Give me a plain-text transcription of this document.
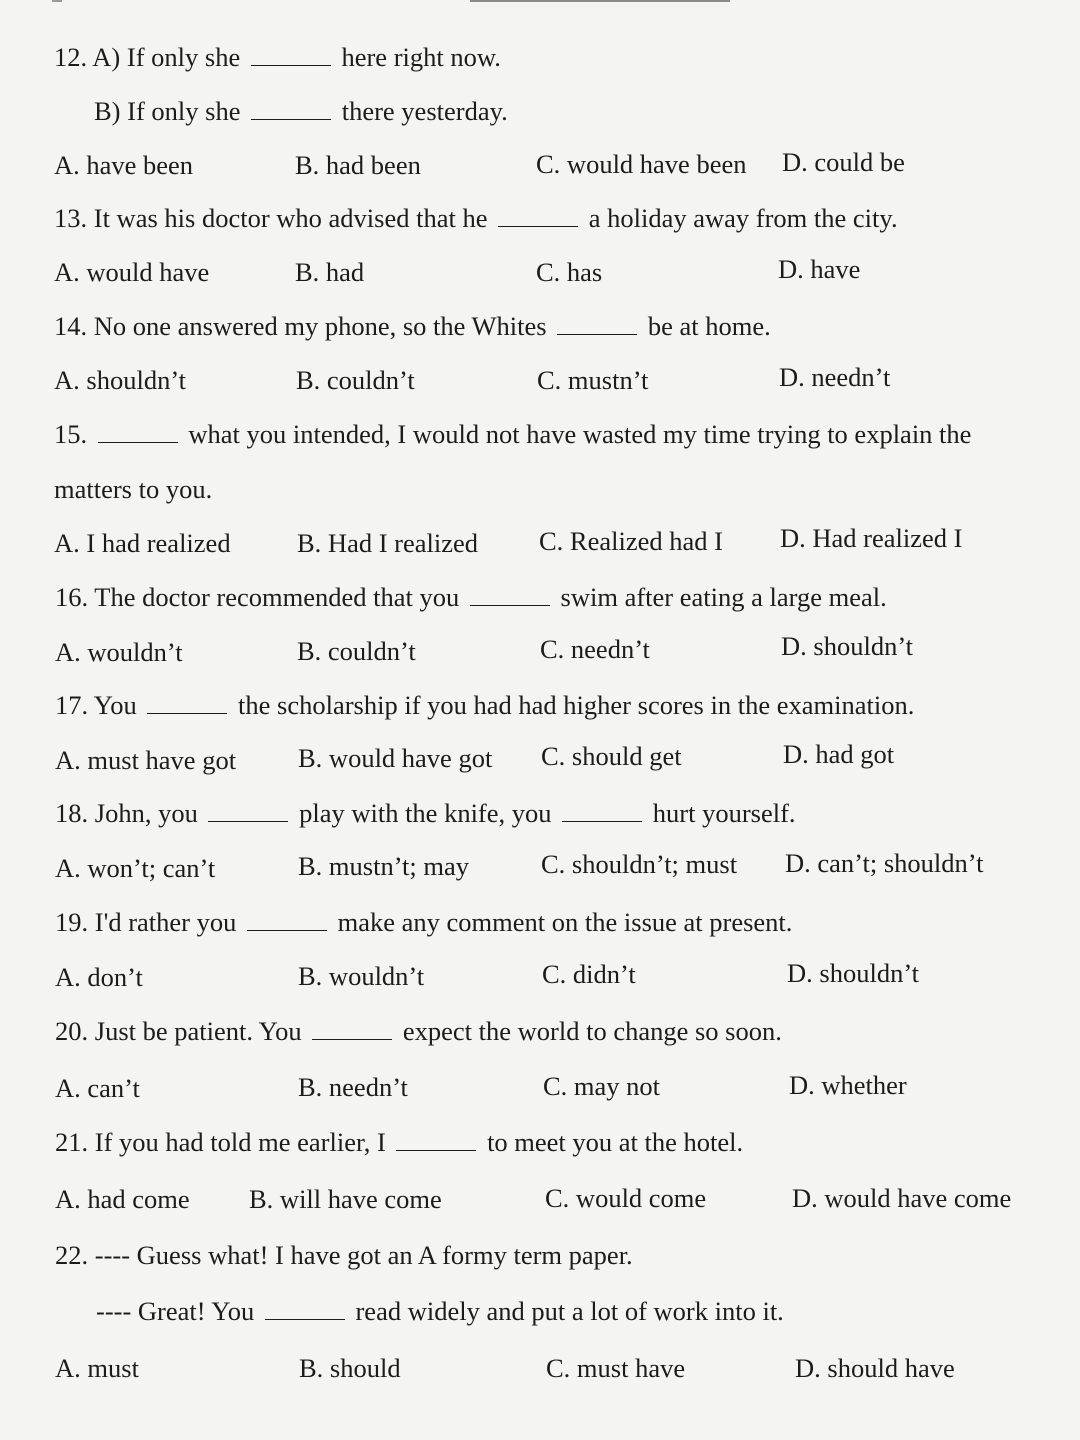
12. A) If only she	here right now.
B) If only she	there yesterday.
A. have been	B. had been	C. would have been D. could be
13. It was his doctor who advised that he	a holiday away from the city.
A. would have	B. had	C. has	D. have
14. No one answered my phone, so the Whites	be at home.
A. shouldn’t	B. couldn’t	C. mustn’t	D. needn’t
15.	what you intended, I would not have wasted my time trying to explain the
matters to you.
A. I had realized	B. Had I realized C. Realized had I D. Had realized I
16. The doctor recommended that you	swim after eating a large meal.
A. wouldn’t	B. couldn’t	C. needn’t	D. shouldn’t
17. You	the scholarship if you had had higher scores in the examination.
A. must have got B. would have got C. should get	D. had got
18. John, you	play with the knife, you	hurt yourself.
A. won’t; can’t	B. mustn’t; may	C. shouldn’t; must D. can’t; shouldn’t
19. I'd rather you	make any comment on the issue at present.
A. don’t	B. wouldn’t	C. didn’t	D. shouldn’t
20. Just be patient. You	expect the world to change so soon.
A. can’t	B. needn’t	C. may not	D. whether
21. If you had told me earlier, I	to meet you at the hotel.
A. had come B. will have come	C. would come	D. would have come
22. ---- Guess what! I have got an A formy term paper.
---- Great! You	read widely and put a lot of work into it.
A. must	B. should	C. must have	D. should have
